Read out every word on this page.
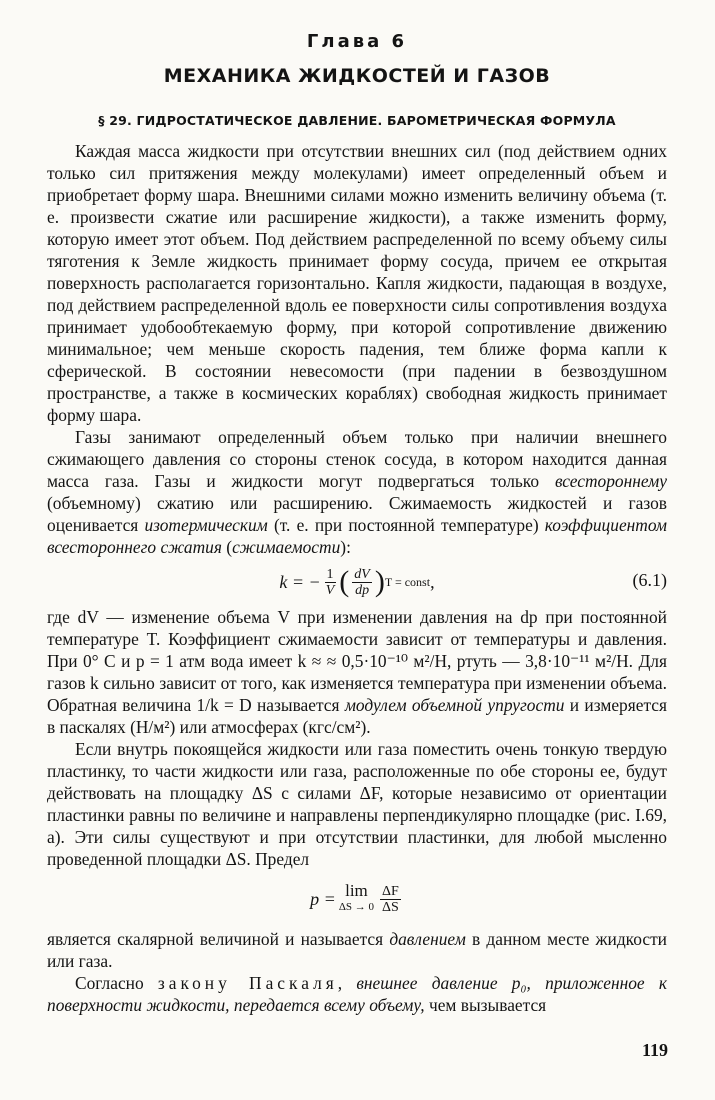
Глава 6
МЕХАНИКА ЖИДКОСТЕЙ И ГАЗОВ
§ 29. ГИДРОСТАТИЧЕСКОЕ ДАВЛЕНИЕ. БАРОМЕТРИЧЕСКАЯ ФОРМУЛА

Каждая масса жидкости при отсутствии внешних сил (под действием одних только сил притяжения между молекулами) имеет определенный объем и приобретает форму шара. Внешними силами можно изменить величину объема (т. е. произвести сжатие или расширение жидкости), а также изменить форму, которую имеет этот объем. Под действием распределенной по всему объему силы тяготения к Земле жидкость принимает форму сосуда, причем ее открытая поверхность располагается горизонтально. Капля жидкости, падающая в воздухе, под действием распределенной вдоль ее поверхности силы сопротивления воздуха принимает удобообтекаемую форму, при которой сопротивление движению минимальное; чем меньше скорость падения, тем ближе форма капли к сферической. В состоянии невесомости (при падении в безвоздушном пространстве, а также в космических кораблях) свободная жидкость принимает форму шара.

Газы занимают определенный объем только при наличии внешнего сжимающего давления со стороны стенок сосуда, в котором находится данная масса газа. Газы и жидкости могут подвергаться только всестороннему (объемному) сжатию или расширению. Сжимаемость жидкостей и газов оценивается изотермическим (т. е. при постоянной температуре) коэффициентом всестороннего сжатия (сжимаемости):

k = − $\frac{1}{V}$ ( $\frac{dV}{dp}$ ) T = const ,	(6.1)

где dV — изменение объема V при изменении давления на dp при постоянной температуре T. Коэффициент сжимаемости зависит от температуры и давления. При 0° С и p = 1 атм вода имеет k ≈ ≈ 0,5·10⁻¹⁰ м²/Н, ртуть — 3,8·10⁻¹¹ м²/Н. Для газов k сильно зависит от того, как изменяется температура при изменении объема. Обратная величина 1/k = D называется модулем объемной упругости и измеряется в паскалях (Н/м²) или атмосферах (кгс/см²).

Если внутрь покоящейся жидкости или газа поместить очень тонкую твердую пластинку, то части жидкости или газа, расположенные по обе стороны ее, будут действовать на площадку ΔS с силами ΔF, которые независимо от ориентации пластинки равны по величине и направлены перпендикулярно площадке (рис. I.69, a). Эти силы существуют и при отсутствии пластинки, для любой мысленно проведенной площадки ΔS. Предел

p = lim
$\Delta S \to 0 \frac{\Delta F}{\Delta S}$

является скалярной величиной и называется давлением в данном месте жидкости или газа.

Согласно закону Паскаля, внешнее давление p₀, приложенное к поверхности жидкости, передается всему объему, чем вызывается

119
